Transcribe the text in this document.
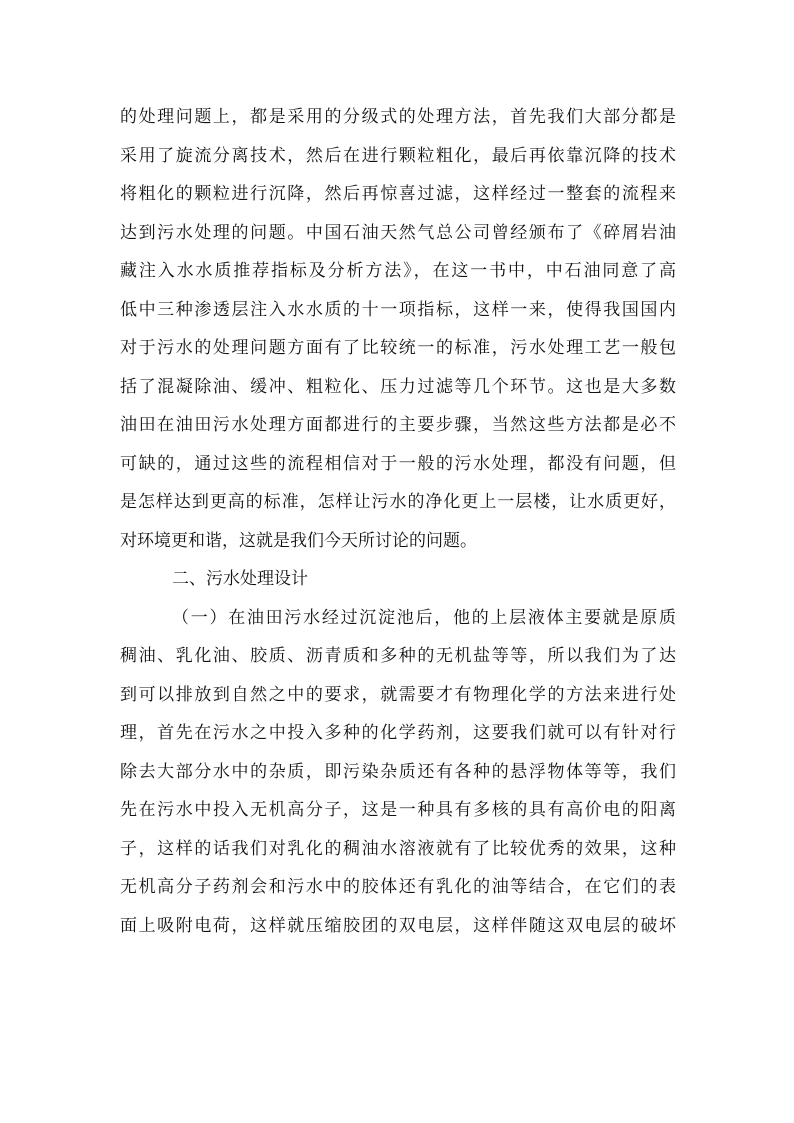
的处理问题上，都是采用的分级式的处理方法，首先我们大部分都是
采用了旋流分离技术，然后在进行颗粒粗化，最后再依靠沉降的技术
将粗化的颗粒进行沉降，然后再惊喜过滤，这样经过一整套的流程来
达到污水处理的问题。中国石油天然气总公司曾经颁布了《碎屑岩油
藏注入水水质推荐指标及分析方法》，在这一书中，中石油同意了高
低中三种渗透层注入水水质的十一项指标，这样一来，使得我国国内
对于污水的处理问题方面有了比较统一的标准，污水处理工艺一般包
括了混凝除油、缓冲、粗粒化、压力过滤等几个环节。这也是大多数
油田在油田污水处理方面都进行的主要步骤，当然这些方法都是必不
可缺的，通过这些的流程相信对于一般的污水处理，都没有问题，但
是怎样达到更高的标准，怎样让污水的净化更上一层楼，让水质更好，
对环境更和谐，这就是我们今天所讨论的问题。
二、污水处理设计
（一）在油田污水经过沉淀池后，他的上层液体主要就是原质
稠油、乳化油、胶质、沥青质和多种的无机盐等等，所以我们为了达
到可以排放到自然之中的要求，就需要才有物理化学的方法来进行处
理，首先在污水之中投入多种的化学药剂，这要我们就可以有针对行
除去大部分水中的杂质，即污染杂质还有各种的悬浮物体等等，我们
先在污水中投入无机高分子，这是一种具有多核的具有高价电的阳离
子，这样的话我们对乳化的稠油水溶液就有了比较优秀的效果，这种
无机高分子药剂会和污水中的胶体还有乳化的油等结合，在它们的表
面上吸附电荷，这样就压缩胶团的双电层，这样伴随这双电层的破坏
